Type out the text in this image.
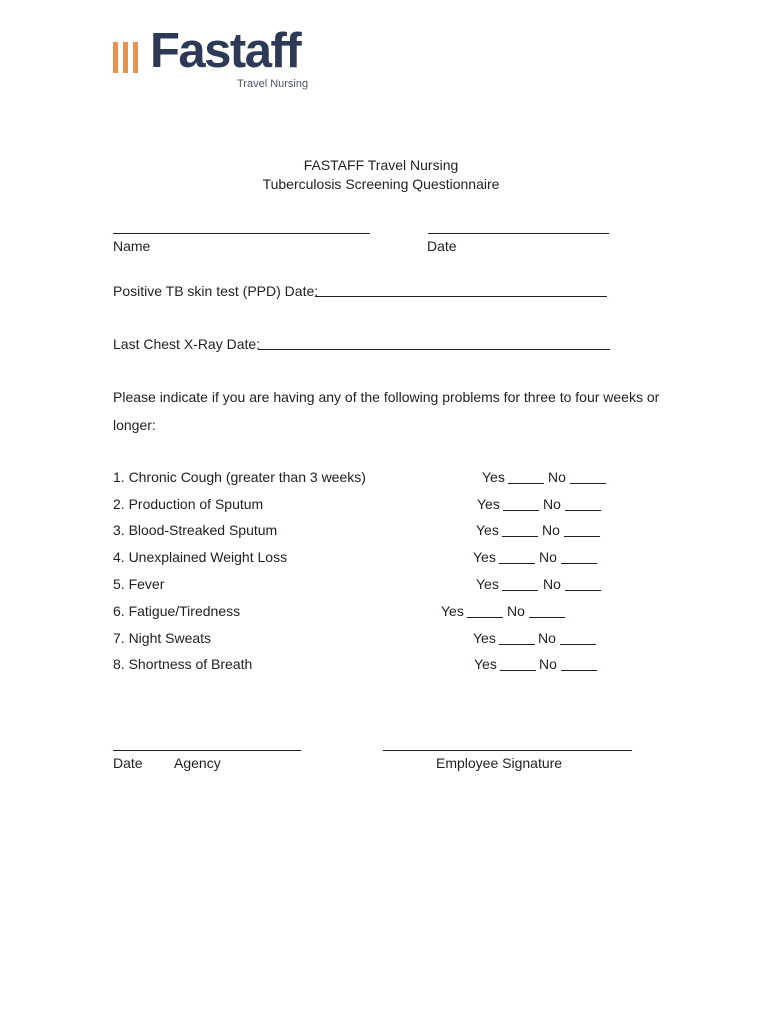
Fastaff
Travel Nursing
FASTAFF Travel Nursing
Tuberculosis Screening Questionnaire
Name	Date
Positive TB skin test (PPD) Date:
Last Chest X-Ray Date:
Please indicate if you are having any of the following problems for three to four weeks or
longer:
1. Chronic Cough (greater than 3 weeks)	Yes	No
2. Production of Sputum	Yes	No
3. Blood-Streaked Sputum	Yes	No
4. Unexplained Weight Loss	Yes	No
5. Fever	Yes	No
6. Fatigue/Tiredness	Yes	No
7. Night Sweats	Yes	No
8. Shortness of Breath	Yes	No
Date Agency	Employee Signature
